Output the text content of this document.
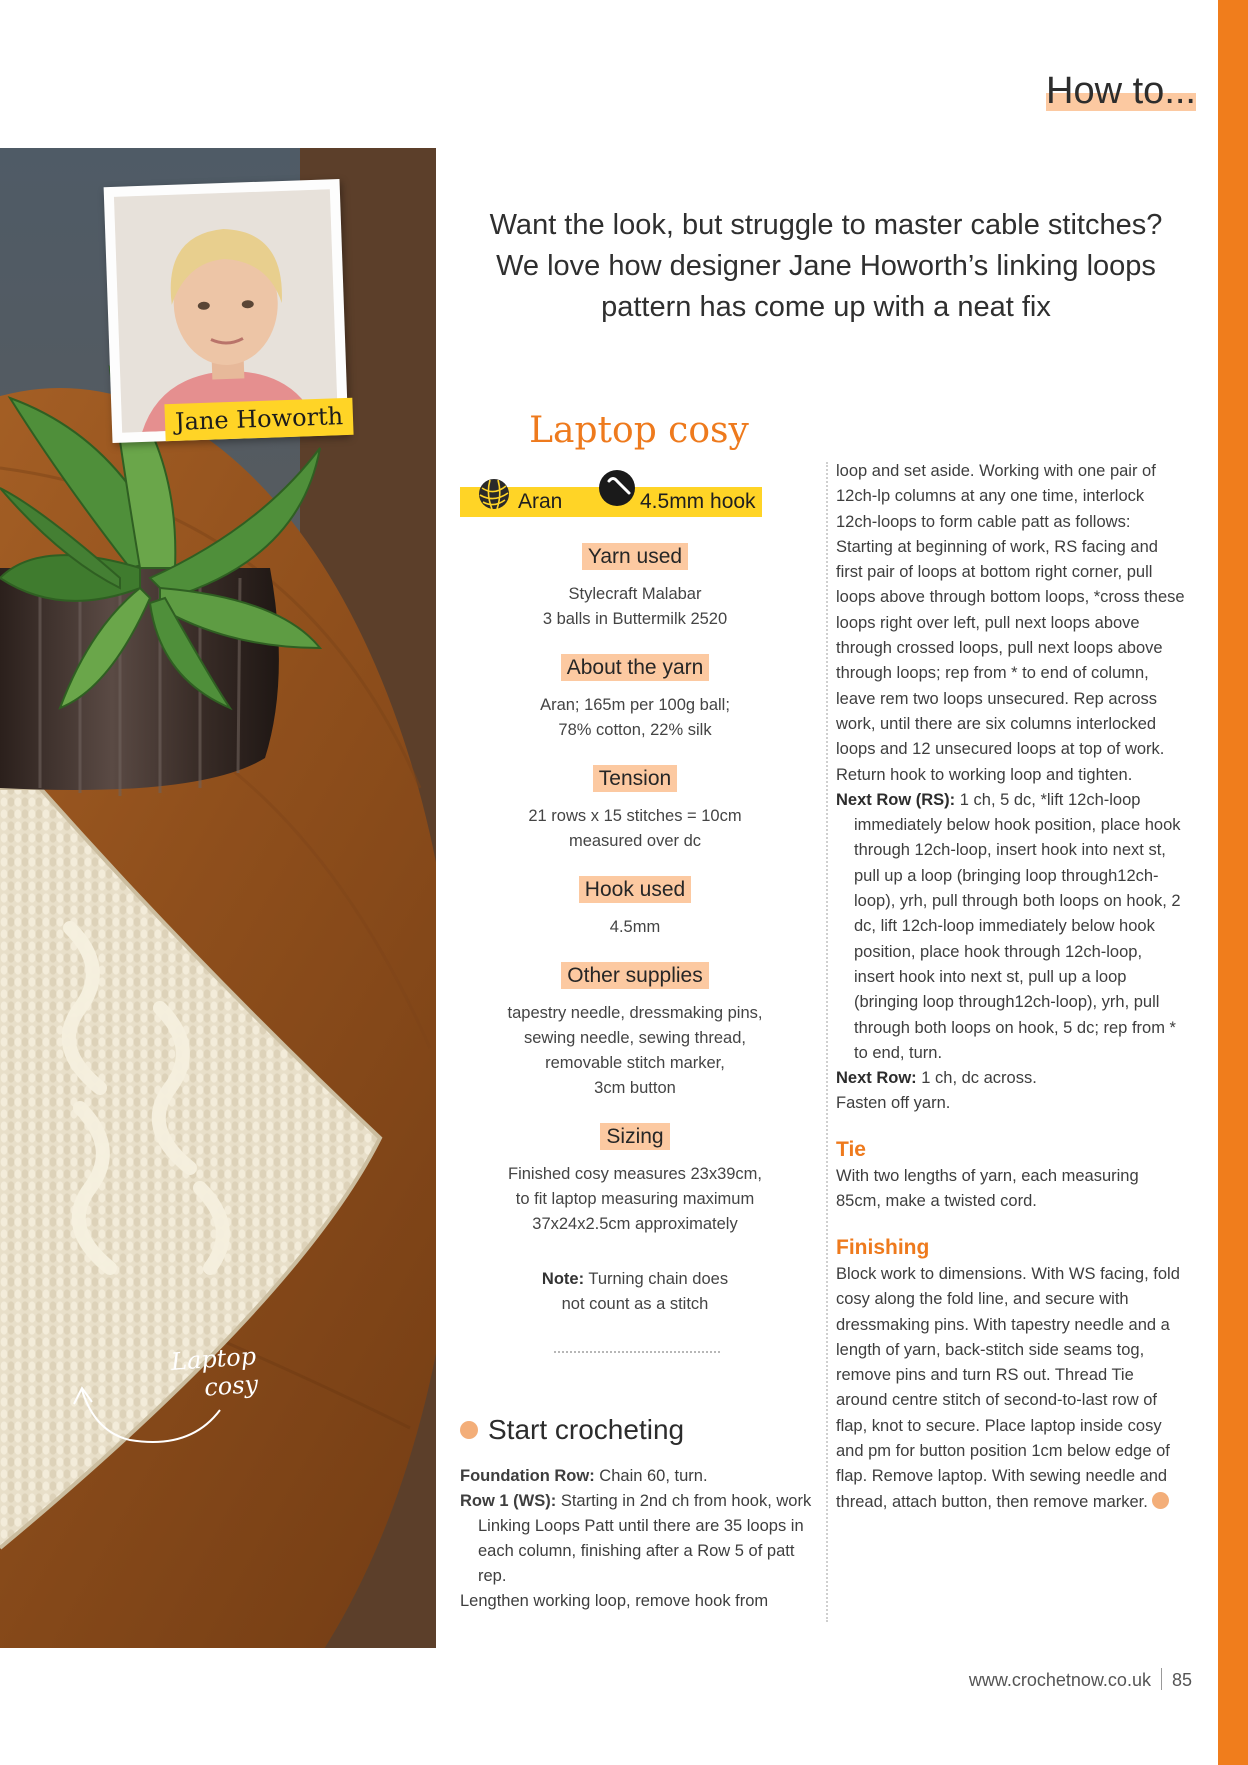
How to...
Jane Howorth
Laptop
cosy
Want the look, but struggle to master cable stitches? We love how designer Jane Howorth’s linking loops pattern has come up with a neat fix
Laptop cosy
Aran	4.5mm hook
Yarn used

Stylecraft Malabar
3 balls in Buttermilk 2520

About the yarn

Aran; 165m per 100g ball;
78% cotton, 22% silk

Tension

21 rows x 15 stitches = 10cm
measured over dc

Hook used

4.5mm

Other supplies

tapestry needle, dressmaking pins,
sewing needle, sewing thread,
removable stitch marker,
3cm button

Sizing

Finished cosy measures 23x39cm,
to fit laptop measuring maximum
37x24x2.5cm approximately

Note: Turning chain does
not count as a stitch

Start crocheting

Foundation Row: Chain 60, turn.

Row 1 (WS): Starting in 2nd ch from hook, work Linking Loops Patt until there are 35 loops in each column, finishing after a Row 5 of patt rep.

Lengthen working loop, remove hook from

loop and set aside. Working with one pair of 12ch-lp columns at any one time, interlock 12ch-loops to form cable patt as follows: Starting at beginning of work, RS facing and first pair of loops at bottom right corner, pull loops above through bottom loops, *cross these loops right over left, pull next loops above through crossed loops, pull next loops above through loops; rep from * to end of column, leave rem two loops unsecured. Rep across work, until there are six columns interlocked loops and 12 unsecured loops at top of work. Return hook to working loop and tighten.

Next Row (RS): 1 ch, 5 dc, *lift 12ch-loop immediately below hook position, place hook through 12ch-loop, insert hook into next st, pull up a loop (bringing loop through12ch-loop), yrh, pull through both loops on hook, 2 dc, lift 12ch-loop immediately below hook position, place hook through 12ch-loop, insert hook into next st, pull up a loop (bringing loop through12ch-loop), yrh, pull through both loops on hook, 5 dc; rep from * to end, turn.

Next Row: 1 ch, dc across.

Fasten off yarn.

Tie

With two lengths of yarn, each measuring 85cm, make a twisted cord.

Finishing

Block work to dimensions. With WS facing, fold cosy along the fold line, and secure with dressmaking pins. With tapestry needle and a length of yarn, back-stitch side seams tog, remove pins and turn RS out. Thread Tie around centre stitch of second-to-last row of flap, knot to secure. Place laptop inside cosy and pm for button position 1cm below edge of flap. Remove laptop. With sewing needle and thread, attach button, then remove marker.

www.crochetnow.co.uk 85
